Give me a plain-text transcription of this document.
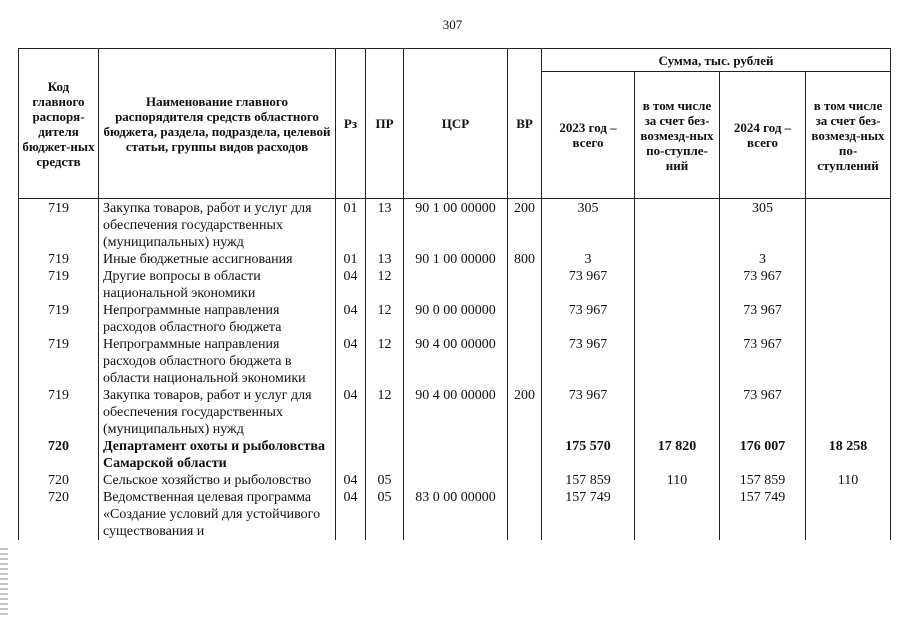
307
Код главного распоря-дителя бюджет-ных средств	Наименование главного распорядителя средств областного бюджета, раздела, подраздела, целевой статьи, группы видов расходов	Рз	ПР	ЦСР	ВР	Сумма, тыс. рублей			
						2023 год – всего	в том числе за счет без-возмезд-ных по-ступле-ний	2024 год – всего	в том числе за счет без-возмезд-ных по-ступлений
719	Закупка товаров, работ и услуг для обеспечения государственных (муниципальных) нужд	01	13	90 1 00 00000	200	305		305	
719	Иные бюджетные ассигнования	01	13	90 1 00 00000	800	3		3	
719	Другие вопросы в области национальной экономики	04	12			73 967		73 967	
719	Непрограммные направления расходов областного бюджета	04	12	90 0 00 00000		73 967		73 967	
719	Непрограммные направления расходов областного бюджета в области национальной экономики	04	12	90 4 00 00000		73 967		73 967	
719	Закупка товаров, работ и услуг для обеспечения государственных (муниципальных) нужд	04	12	90 4 00 00000	200	73 967		73 967	
720	Департамент охоты и рыболовства Самарской области					175 570	17 820	176 007	18 258
720	Сельское хозяйство и рыболовство	04	05			157 859	110	157 859	110
720	Ведомственная целевая программа «Создание условий для устойчивого существования и	04	05	83 0 00 00000		157 749		157 749	
